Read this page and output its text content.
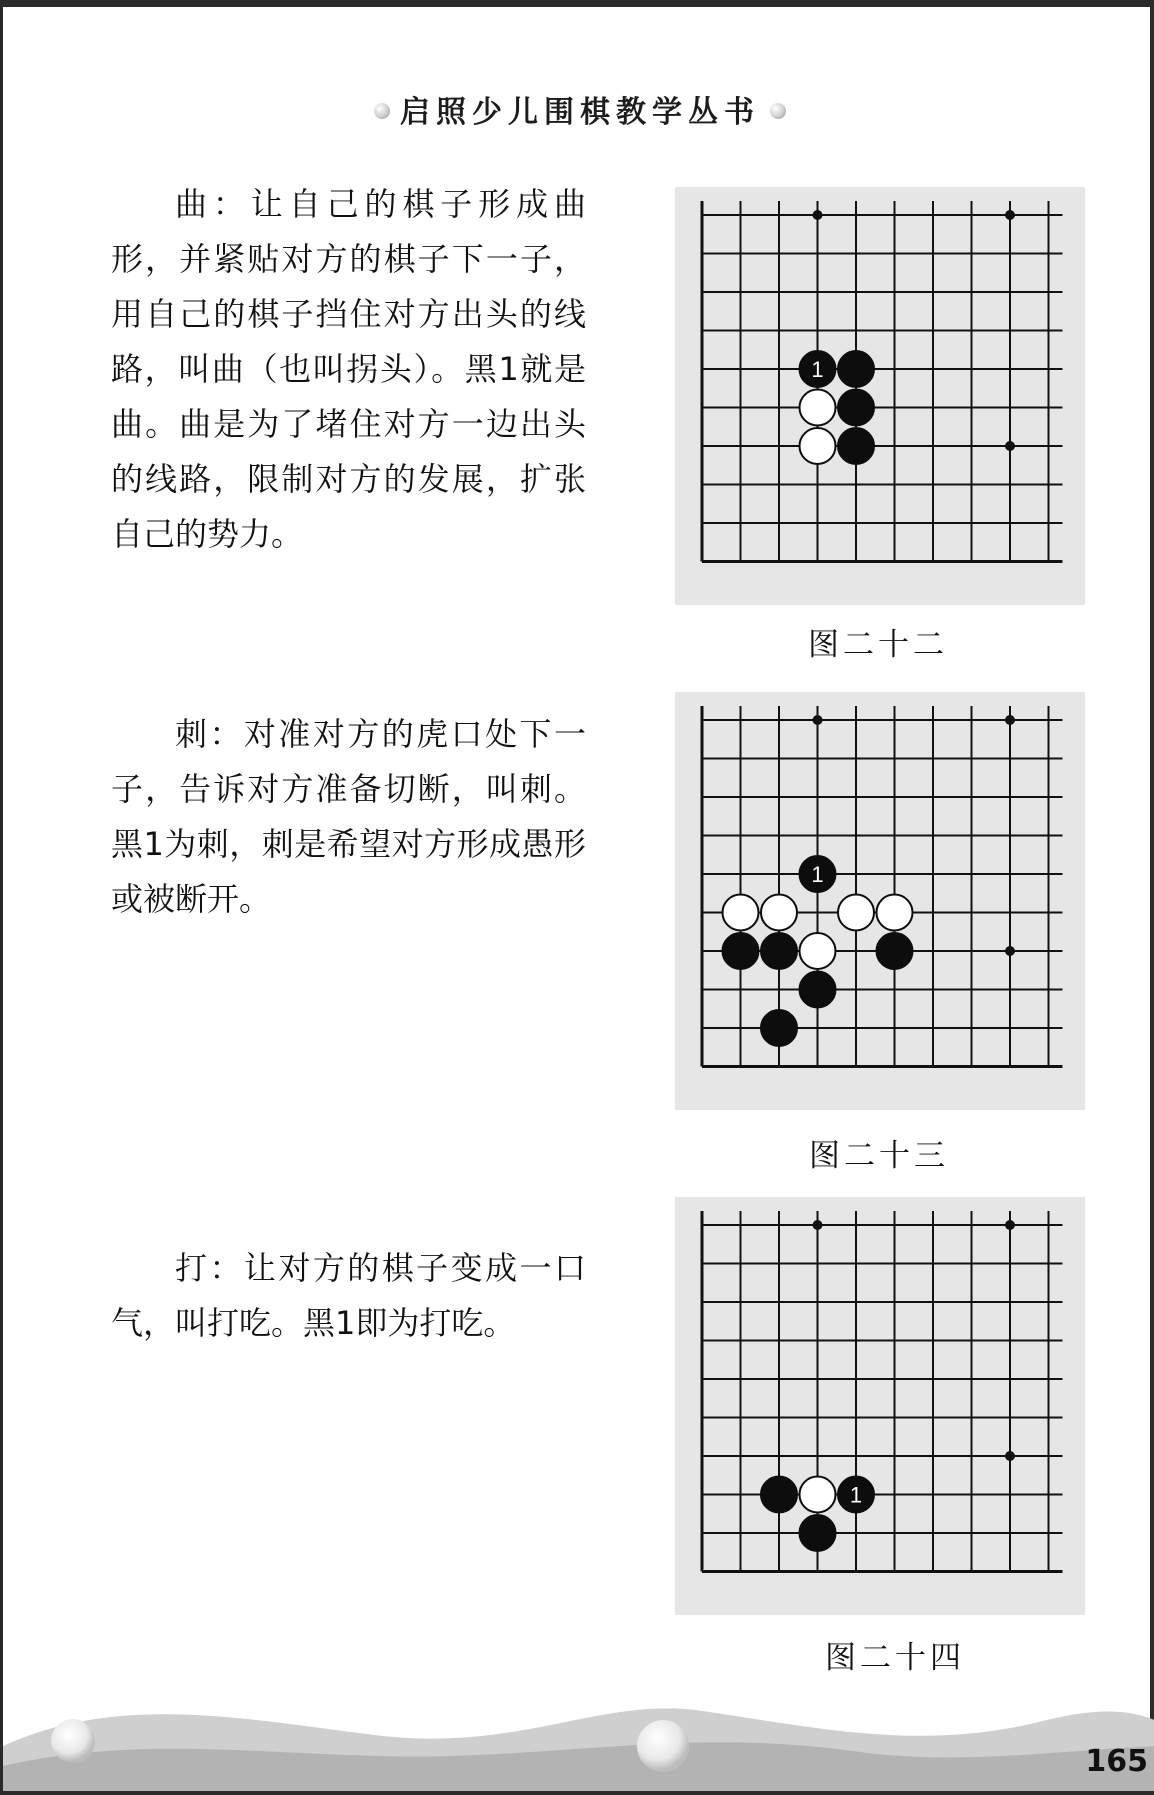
启照少儿围棋教学丛书

曲：让自己的棋子形成曲形，并紧贴对方的棋子下一子，用自己的棋子挡住对方出头的线路，叫曲（也叫拐头）。黑1就是曲。曲是为了堵住对方一边出头的线路，限制对方的发展，扩张自己的势力。

1
图二十二

刺：对准对方的虎口处下一子，告诉对方准备切断，叫刺。黑1为刺，刺是希望对方形成愚形或被断开。

1
图二十三

打：让对方的棋子变成一口气，叫打吃。黑1即为打吃。

1
图二十四
165
